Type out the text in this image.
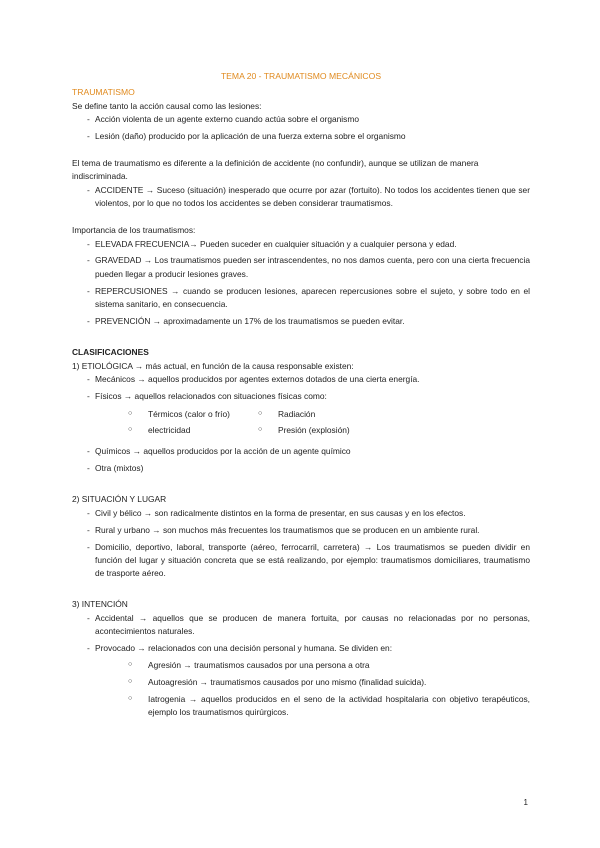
TEMA 20 - TRAUMATISMO MECÁNICOS

TRAUMATISMO

Se define tanto la acción causal como las lesiones:

- Acción violenta de un agente externo cuando actúa sobre el organismo
- Lesión (daño) producido por la aplicación de una fuerza externa sobre el organismo

El tema de traumatismo es diferente a la definición de accidente (no confundir), aunque se utilizan de manera indiscriminada.

- ACCIDENTE → Suceso (situación) inesperado que ocurre por azar (fortuito). No todos los accidentes tienen que ser violentos, por lo que no todos los accidentes se deben considerar traumatismos.

Importancia de los traumatismos:

- ELEVADA FRECUENCIA→ Pueden suceder en cualquier situación y a cualquier persona y edad.
- GRAVEDAD → Los traumatismos pueden ser intrascendentes, no nos damos cuenta, pero con una cierta frecuencia pueden llegar a producir lesiones graves.
- REPERCUSIONES → cuando se producen lesiones, aparecen repercusiones sobre el sujeto, y sobre todo en el sistema sanitario, en consecuencia.
- PREVENCIÓN → aproximadamente un 17% de los traumatismos se pueden evitar.

CLASIFICACIONES

1) ETIOLÓGICA → más actual, en función de la causa responsable existen:

- Mecánicos → aquellos producidos por agentes externos dotados de una cierta energía.
- Físicos → aquellos relacionados con situaciones físicas como:
○ Térmicos (calor o frío)	○ Radiación
○ electricidad	○ Presión (explosión)
- Químicos → aquellos producidos por la acción de un agente químico
- Otra (mixtos)

2) SITUACIÓN Y LUGAR

- Civil y bélico → son radicalmente distintos en la forma de presentar, en sus causas y en los efectos.
- Rural y urbano → son muchos más frecuentes los traumatismos que se producen en un ambiente rural.
- Domicilio, deportivo, laboral, transporte (aéreo, ferrocarril, carretera) → Los traumatismos se pueden dividir en función del lugar y situación concreta que se está realizando, por ejemplo: traumatismos domiciliares, traumatismo de trasporte aéreo.

3) INTENCIÓN

- Accidental → aquellos que se producen de manera fortuita, por causas no relacionadas por no personas, acontecimientos naturales.
- Provocado → relacionados con una decisión personal y humana. Se dividen en:
○ Agresión → traumatismos causados por una persona a otra
○ Autoagresión → traumatismos causados por uno mismo (finalidad suicida).
○ Iatrogenia → aquellos producidos en el seno de la actividad hospitalaria con objetivo terapéuticos, ejemplo los traumatismos quirúrgicos.
1
